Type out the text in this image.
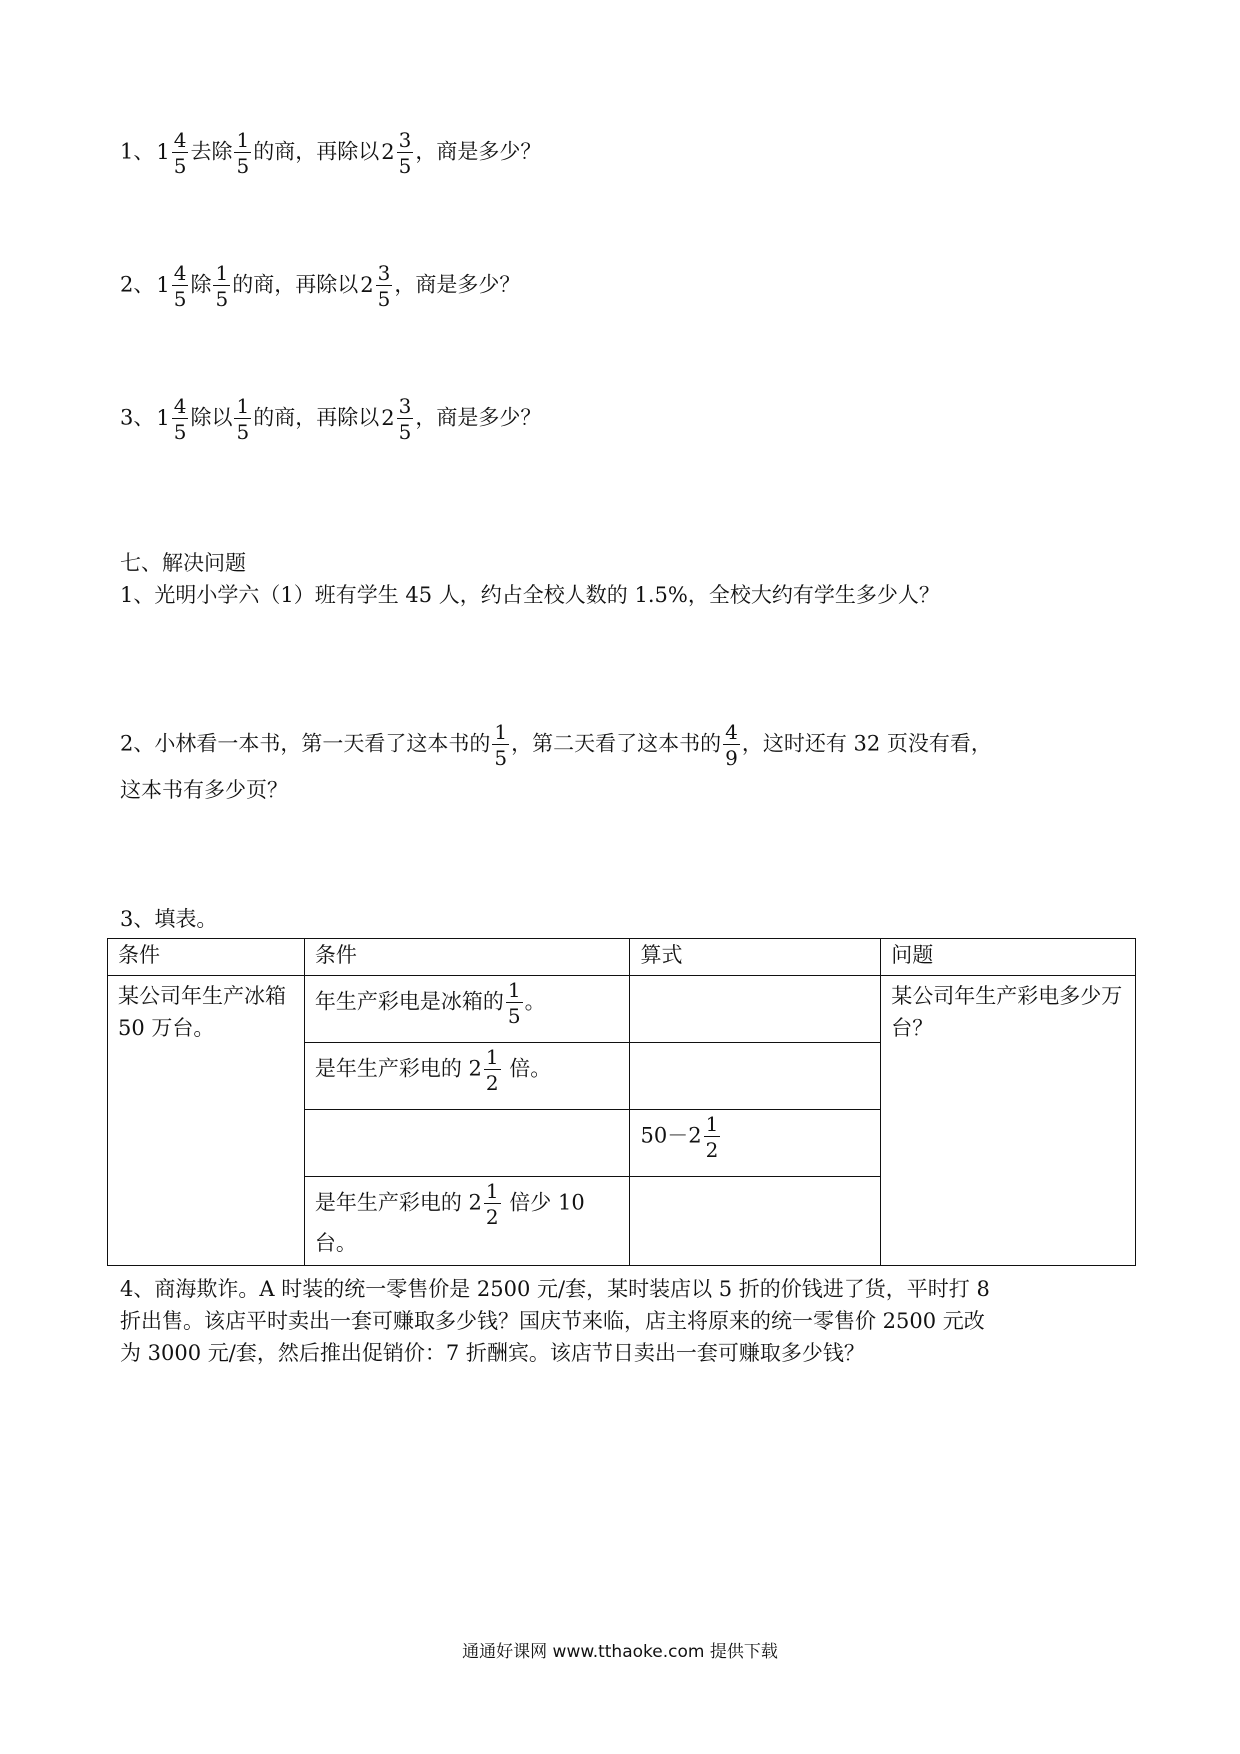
1、$1 \frac{4}{5}$ 去除 $\frac{1}{5}$ 的商，再除以$2 \frac{3}{5}$ ，商是多少？
2、$1 \frac{4}{5}$ 除 $\frac{1}{5}$ 的商，再除以$2 \frac{3}{5}$ ，商是多少？
3、$1 \frac{4}{5}$ 除以 $\frac{1}{5}$ 的商，再除以$2 \frac{3}{5}$ ，商是多少？
七、解决问题
1、光明小学六（1）班有学生 45 人，约占全校人数的 1.5%，全校大约有学生多少人？
2、小林看一本书，第一天看了这本书的 $\frac{1}{5}$ ，第二天看了这本书的 $\frac{4}{9}$ ，这时还有 32 页没有看，
这本书有多少页？
3、填表。
条件	条件	算式	问题
某公司年生产冰箱 50 万台。	年生产彩电是冰箱的 $\frac{1}{5}$ 。		某公司年生产彩电多少万台？
	是年生产彩电的 $2 \frac{1}{2}$ 倍。		
		$50-2 \frac{1}{2}$

	是年生产彩电的 $2 \frac{1}{2}$ 倍少 10
台。		
4、商海欺诈。A 时装的统一零售价是 2500 元/套，某时装店以 5 折的价钱进了货，平时打 8
折出售。该店平时卖出一套可赚取多少钱？国庆节来临，店主将原来的统一零售价 2500 元改
为 3000 元/套，然后推出促销价：7 折酬宾。该店节日卖出一套可赚取多少钱？
通通好课网 www.tthaoke.com 提供下载
